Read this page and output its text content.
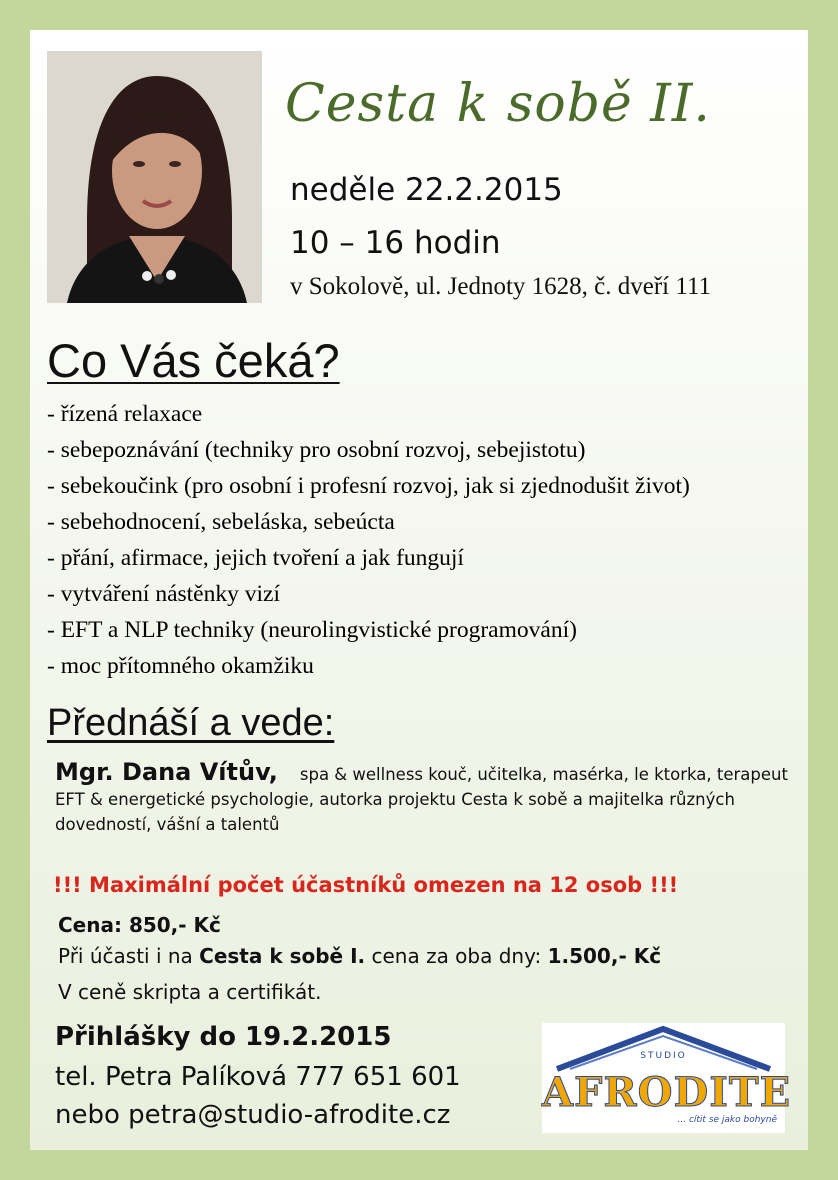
Cesta k sobě II.
neděle 22.2.2015
10 – 16 hodin
v Sokolově, ul. Jednoty 1628, č. dveří 111
Co Vás čeká?
- řízená relaxace
- sebepoznávání (techniky pro osobní rozvoj, sebejistotu)
- sebekoučink (pro osobní i profesní rozvoj, jak si zjednodušit život)
- sebehodnocení, sebeláska, sebeúcta
- přání, afirmace, jejich tvoření a jak fungují
- vytváření nástěnky vizí
- EFT a NLP techniky (neurolingvistické programování)
- moc přítomného okamžiku
Přednáší a vede:
Mgr. Dana Vítův, spa & wellness kouč, učitelka, masérka, le ktorka, terapeut EFT & energetické psychologie, autorka projektu Cesta k sobě a majitelka různých dovedností, vášní a talentů
!!! Maximální počet účastníků omezen na 12 osob !!!
Cena: 850,- Kč
Při účasti i na Cesta k sobě I. cena za oba dny: 1.500,- Kč
V ceně skripta a certifikát.
Přihlášky do 19.2.2015
tel. Petra Palíková 777 651 601
nebo petra@studio-afrodite.cz
STUDIO
AFRODITE
... cítit se jako bohyně
